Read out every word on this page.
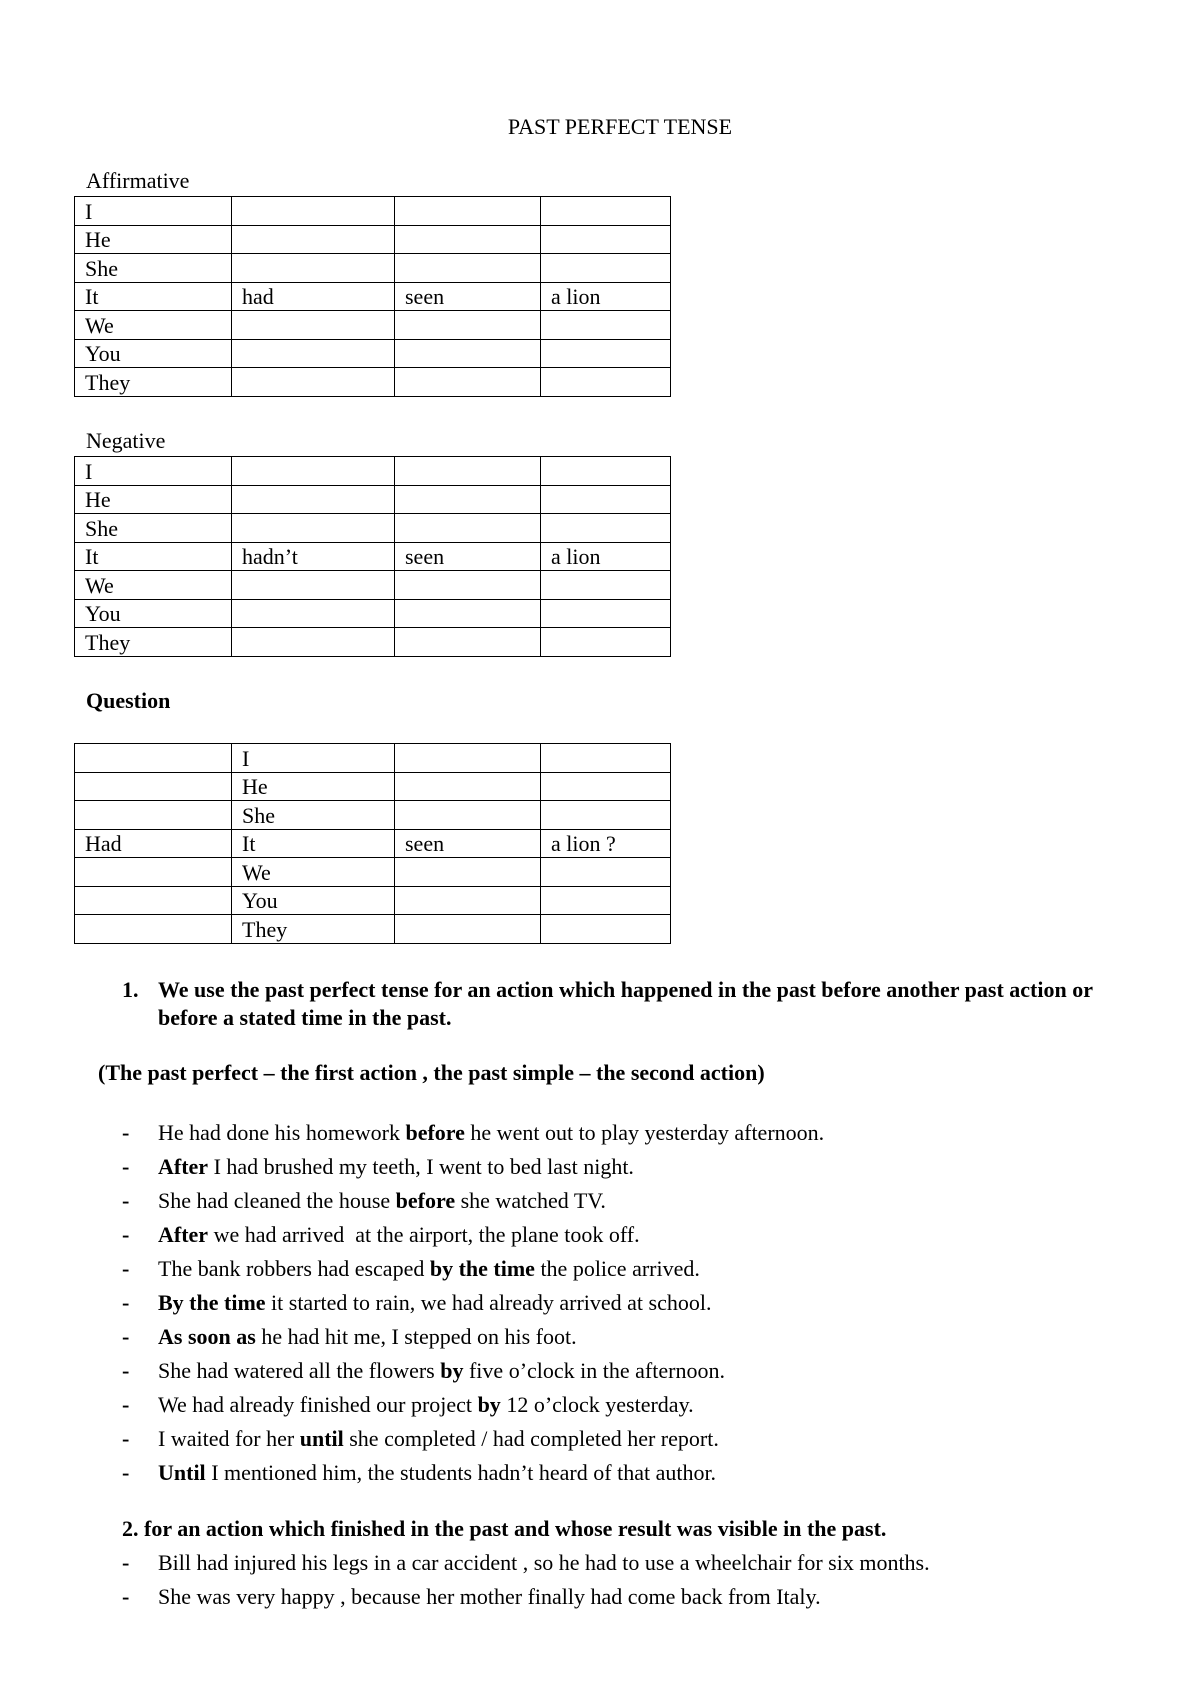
PAST PERFECT TENSE
Affirmative
I			
He			
She			
It	had	seen	a lion
We			
You			
They			
Negative
I			
He			
She			
It	hadn’t	seen	a lion
We			
You			
They			
Question
	I		
	He		
	She		
Had	It	seen	a lion ?
	We		
	You		
	They		
1. We use the past perfect tense for an action which happened in the past before another past action or before a stated time in the past.
(The past perfect – the first action , the past simple – the second action)
- He had done his homework before he went out to play yesterday afternoon.
- After I had brushed my teeth, I went to bed last night.
- She had cleaned the house before she watched TV.
- After we had arrived  at the airport, the plane took off.
- The bank robbers had escaped by the time the police arrived.
- By the time it started to rain, we had already arrived at school.
- As soon as he had hit me, I stepped on his foot.
- She had watered all the flowers by five o’clock in the afternoon.
- We had already finished our project by 12 o’clock yesterday.
- I waited for her until she completed / had completed her report.
- Until I mentioned him, the students hadn’t heard of that author.
2. for an action which finished in the past and whose result was visible in the past.
- Bill had injured his legs in a car accident , so he had to use a wheelchair for six months.
- She was very happy , because her mother finally had come back from Italy.
